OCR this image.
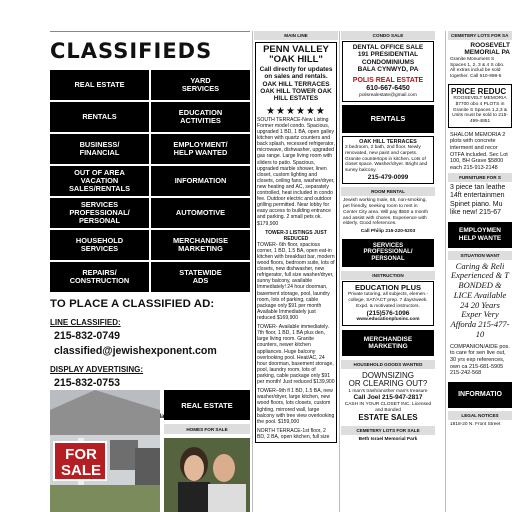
CLASSIFIEDS
REAL ESTATE	YARD
SERVICES
RENTALS	EDUCATION
ACTIVITIES
BUSINESS/
FINANCIAL
EMPLOYMENT/
HELP WANTED
OUT OF AREA
VACATION
SALES/RENTALS
INFORMATION
SERVICES
PROFESSIONAL/
PERSONAL
AUTOMOTIVE
HOUSEHOLD
SERVICES
MERCHANDISE
MARKETING
REPAIRS/
CONSTRUCTION
STATEWIDE
ADS
TO PLACE A CLASSIFIED AD:
LINE CLASSIFIED:
215-832-0749
classified@jewishexponent.com
DISPLAY ADVERTISING:
215-832-0753
Fridays
FOR
SALE
REAL ESTATE
HOMES FOR SALE
MAIN LINE
PENN VALLEY
"OAK HILL"
Call directly for updates on sales and rentals. OAK HILL TERRACES OAK HILL TOWER OAK HILL ESTATES
★★★★★★
SOUTH TERRACE-New Listing Former model condo. Spacious, upgraded 1 BD, 1 BA, open galley kitchen with quartz counters and back splash, recessed refrigerator, microwave, dishwasher, upgraded gas range. Large living room with sliders to patio. Spacious, upgraded marble shower, linen closet, custom lighting and closets, ceiling fans, washer/dryer, new heating and AC, separately controlled, heat included in condo fee. Outdoor electric and outdoor grilling permitted. Near lobby for easy access to building entrance and parking. 2 small pets ok. $179,900
TOWER-3 LISTINGS JUST REDUCED
TOWER- 6th floor, spacious corner, 1 BD, 1.5 BA, open eat-in kitchen with breakfast bar, modern wood floors, bedroom suite, lots of closets, new dishwasher, new refrigerator, full size washer/dryer, sunny balcony, available Immediately! 24 hour doorman, basement storage, pool, laundry room, lots of parking, cable package only $91 per month Available Immediately just reduced $169,900
TOWER- Available immediately. 7th floor, 1 BD, 1 BA plus den, large living room. Granite counters, newer kitchen appliances. Huge balcony overlooking pool. Heat/AC, 24 hour doorman, basement storage, pool, laundry room, lots of parking, cable package only $91 per month! Just reduced $139,900
TOWER–9th fl 1 BD, 1.5 BA, new washer/dryer, large kitchen, new wood floors, lots closets, custom lighting, mirrored wall, large balcony with tree view overlooking the pool. $159,000
NORTH TERRACE-1st floor, 2 BD, 2 BA, open kitchen, full size
CONDO SALE
DENTAL OFFICE SALE
191 PRESIDENTIAL
CONDOMINIUMS
BALA CYNWYD, PA
POLIS REAL ESTATE
610-667-6450
polisrealestate@gmail.com
RENTALS
OAK HILL TERRACES
2 bedroom, 2 bath, 2nd floor. Newly renovated, new paint and carpets. Granite countertops in kitchen. Lots of closet space. Washer/dryer. Bright and sunny balcony.
215-479-0099
ROOM RENTAL
Jewish working male, 65, non-smoking, pet friendly, seeking room to rent in Center City area. Will pay $550 a month and assist with chores. Experience with elderly. Good references.
Call Philip 215-220-5203
SERVICES
PROFESSIONAL/
PERSONAL
INSTRUCTION
EDUCATION PLUS
Private tutoring, all subjects, elemen.-college, SAT/ACT prep. 7 days/week. Expd. & motivated instructors.
(215)576-1096
www.educationplusinc.com
MERCHANDISE
MARKETING
HOUSEHOLD GOODS WANTED
DOWNSIZING
OR CLEARING OUT?
1 man's trash/another man's treasure
Call Joel 215-947-2817
CASH IN YOUR CLOSET INC. Licensed and Bonded
ESTATE SALES
CEMETERY LOTS FOR SALE
Beth Israel Memorial Park
CEMETERY LOTS FOR SA
ROOSEVELT
MEMORIAL PA
Granite Monument S Spaces 1, 2, 3 & 4 S obo. All extras includ be sold together. Call 610-998-5
PRICE REDUC
ROOSEVELT MEMORIA $7700 obo 4 PLOTS in Granite S Spaces 1,2,3 & Units must be sold to 215-499-4851
SHALOM MEMORIA 2 plots with concrete interment and recor OTFA included. Sec Lot 100, BH Grave $5800 each 215-913-2148
FURNITURE FOR S
3 piece tan leathe 14ft entertainmen Spinet piano. Mu like new! 215-67
EMPLOYMEN
HELP WANTE
SITUATION WANT
Caring & Reli Experienced & T BONDED & LICE Available 24 20 Years Exper Very Afforda 215-477-10
COMPANION/AIDE pos. to care for sen live out, 30 yrs exp references, own ca 215-681-5905 215-242-568
INFORMATIO
LEGAL NOTICES
1818-20 N. Front Street
